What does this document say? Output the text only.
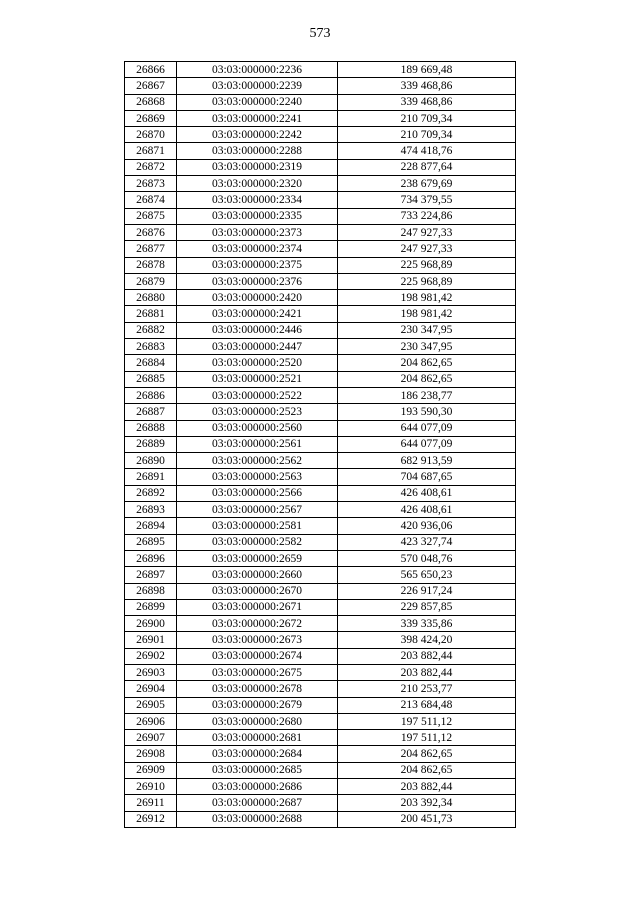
573
26866	03:03:000000:2236	189 669,48
26867	03:03:000000:2239	339 468,86
26868	03:03:000000:2240	339 468,86
26869	03:03:000000:2241	210 709,34
26870	03:03:000000:2242	210 709,34
26871	03:03:000000:2288	474 418,76
26872	03:03:000000:2319	228 877,64
26873	03:03:000000:2320	238 679,69
26874	03:03:000000:2334	734 379,55
26875	03:03:000000:2335	733 224,86
26876	03:03:000000:2373	247 927,33
26877	03:03:000000:2374	247 927,33
26878	03:03:000000:2375	225 968,89
26879	03:03:000000:2376	225 968,89
26880	03:03:000000:2420	198 981,42
26881	03:03:000000:2421	198 981,42
26882	03:03:000000:2446	230 347,95
26883	03:03:000000:2447	230 347,95
26884	03:03:000000:2520	204 862,65
26885	03:03:000000:2521	204 862,65
26886	03:03:000000:2522	186 238,77
26887	03:03:000000:2523	193 590,30
26888	03:03:000000:2560	644 077,09
26889	03:03:000000:2561	644 077,09
26890	03:03:000000:2562	682 913,59
26891	03:03:000000:2563	704 687,65
26892	03:03:000000:2566	426 408,61
26893	03:03:000000:2567	426 408,61
26894	03:03:000000:2581	420 936,06
26895	03:03:000000:2582	423 327,74
26896	03:03:000000:2659	570 048,76
26897	03:03:000000:2660	565 650,23
26898	03:03:000000:2670	226 917,24
26899	03:03:000000:2671	229 857,85
26900	03:03:000000:2672	339 335,86
26901	03:03:000000:2673	398 424,20
26902	03:03:000000:2674	203 882,44
26903	03:03:000000:2675	203 882,44
26904	03:03:000000:2678	210 253,77
26905	03:03:000000:2679	213 684,48
26906	03:03:000000:2680	197 511,12
26907	03:03:000000:2681	197 511,12
26908	03:03:000000:2684	204 862,65
26909	03:03:000000:2685	204 862,65
26910	03:03:000000:2686	203 882,44
26911	03:03:000000:2687	203 392,34
26912	03:03:000000:2688	200 451,73
